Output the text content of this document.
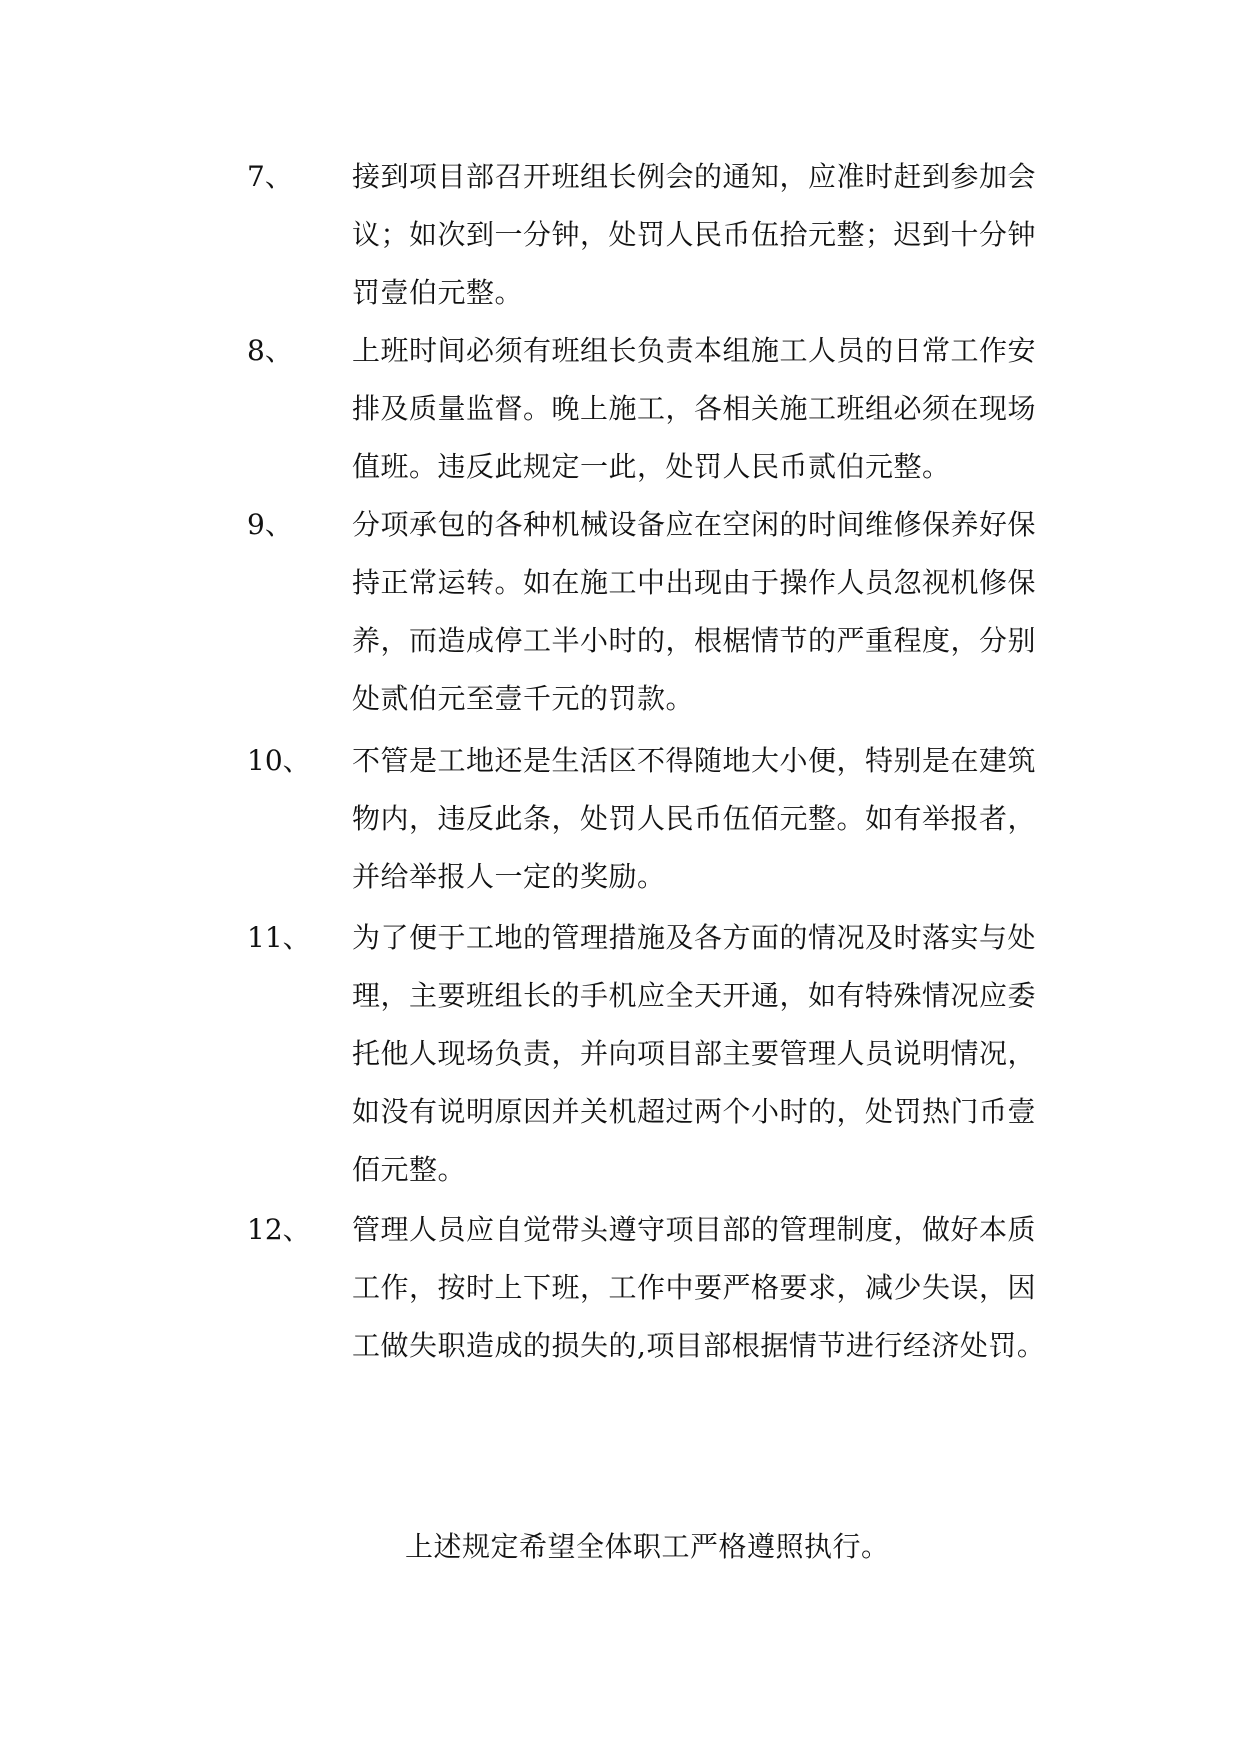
7、 接到项目部召开班组长例会的通知，应准时赶到参加会
议；如次到一分钟，处罚人民币伍拾元整；迟到十分钟
罚壹伯元整。
8、 上班时间必须有班组长负责本组施工人员的日常工作安
排及质量监督。晚上施工，各相关施工班组必须在现场
值班。违反此规定一此，处罚人民币贰伯元整。
9、 分项承包的各种机械设备应在空闲的时间维修保养好保
持正常运转。如在施工中出现由于操作人员忽视机修保
养，而造成停工半小时的，根椐情节的严重程度，分别
处贰伯元至壹千元的罚款。
10、 不管是工地还是生活区不得随地大小便，特别是在建筑
物内，违反此条，处罚人民币伍佰元整。如有举报者，
并给举报人一定的奖励。
11、 为了便于工地的管理措施及各方面的情况及时落实与处
理，主要班组长的手机应全天开通，如有特殊情况应委
托他人现场负责，并向项目部主要管理人员说明情况，
如没有说明原因并关机超过两个小时的，处罚热门币壹
佰元整。
12、 管理人员应自觉带头遵守项目部的管理制度，做好本质
工作，按时上下班，工作中要严格要求，减少失误，因
工做失职造成的损失的,项目部根据情节进行经济处罚。
上述规定希望全体职工严格遵照执行。
